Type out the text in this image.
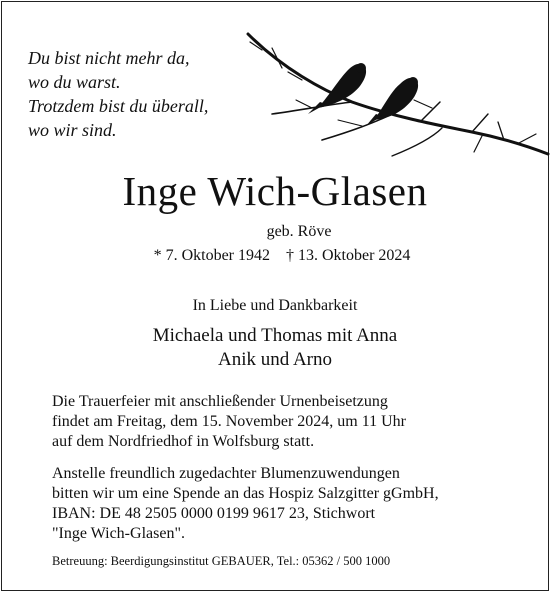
Du bist nicht mehr da,
wo du warst.
Trotzdem bist du überall,
wo wir sind.
Inge Wich-Glasen
geb. Röve
* 7. Oktober 1942 † 13. Oktober 2024
In Liebe und Dankbarkeit
Michaela und Thomas mit Anna
Anik und Arno
Die Trauerfeier mit anschließender Urnenbeisetzung
findet am Freitag, dem 15. November 2024, um 11 Uhr
auf dem Nordfriedhof in Wolfsburg statt.
Anstelle freundlich zugedachter Blumenzuwendungen
bitten wir um eine Spende an das Hospiz Salzgitter gGmbH,
IBAN: DE 48 2505 0000 0199 9617 23, Stichwort
"Inge Wich-Glasen".
Betreuung: Beerdigungsinstitut GEBAUER, Tel.: 05362 / 500 1000
